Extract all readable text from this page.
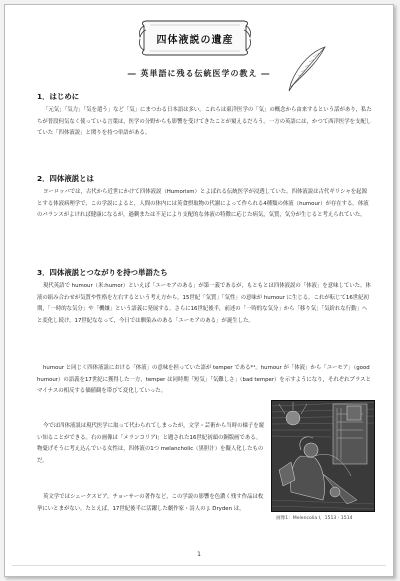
四体液説の遺産
― 英単語に残る伝統医学の教え ―
1．はじめに
「元気」「気力」「気を遣う」など「気」にまつわる日本語は多い。これらは東洋医学の「気」の概念から由来するという話があり，私たちが普段何気なく使っている言葉は，医学の分野からも影響を受けてきたことが窺えるだろう。一方の英語には，かつて西洋医学を支配していた「四体液説」と関りを持つ単語がある。
2．四体液説とは
ヨーロッパでは，古代から近世にかけて四体液説（Humorism）とよばれる伝統医学が浸透していた。四体液説は古代ギリシャを起源とする体液病理学で，この学説によると，人間の体内には英食摂取物の代謝によって作られる4種類の体液（humour）が存在する。体液のバランスがよければ健康になるが，過剰または不足により支配的な体液の特徴に応じた病気，気質，気分が生じると考えられていた。
3．四体液説とつながりを持つ単語たち
現代英語で humour（米:humor）といえば「ユーモアのある」が第一義であるが，もともとは四体液説の「体液」を意味していた。体液の組み合わせが気質や性格を左右するという考え方から，15世紀「気質」「気性」の意味が humour に生じる。これが転じて16世紀初期，「一時的な気分」や「機嫌」という語義に発展する。さらに16世紀後半，前述の「一時的な気分」から「移り気」「気紛れな行動」へと変化し続け，17世紀ななって，今日では馴染みのある「ユーモアのある」が誕生した。
humour と同じく四体液説における「体液」の意味を担っていた語が temper である*¹。humour が「体液」から「ユーモア」（good humour）の語義を17世紀に獲得した一方，temper は同時期「短気」「気難しさ」（bad temper）を示すようになり，それぞれプラスとマイナスの相反する価値観を帯びて変化していった。
今では四体液説は現代医学に取って代わられてしまったが，文学・芸術から当時の様子を窺い知ることができる。右の画像は「メランコリアⅠ」と題された16世紀初頭の銅版画である。物憂げそうに考え込んでいる女性は，四体液の1つ melancholic（黒胆汁）を擬人化したものだ。
英文学ではシェークスピア，チョーサーの著作など，この学説の影響を色濃く残す作品は枚挙にいとまがない。たとえば，17世紀後半に活躍した劇作家・詩人の J. Dryden は，
画像1：Melencolia I，1513 - 1514
1
